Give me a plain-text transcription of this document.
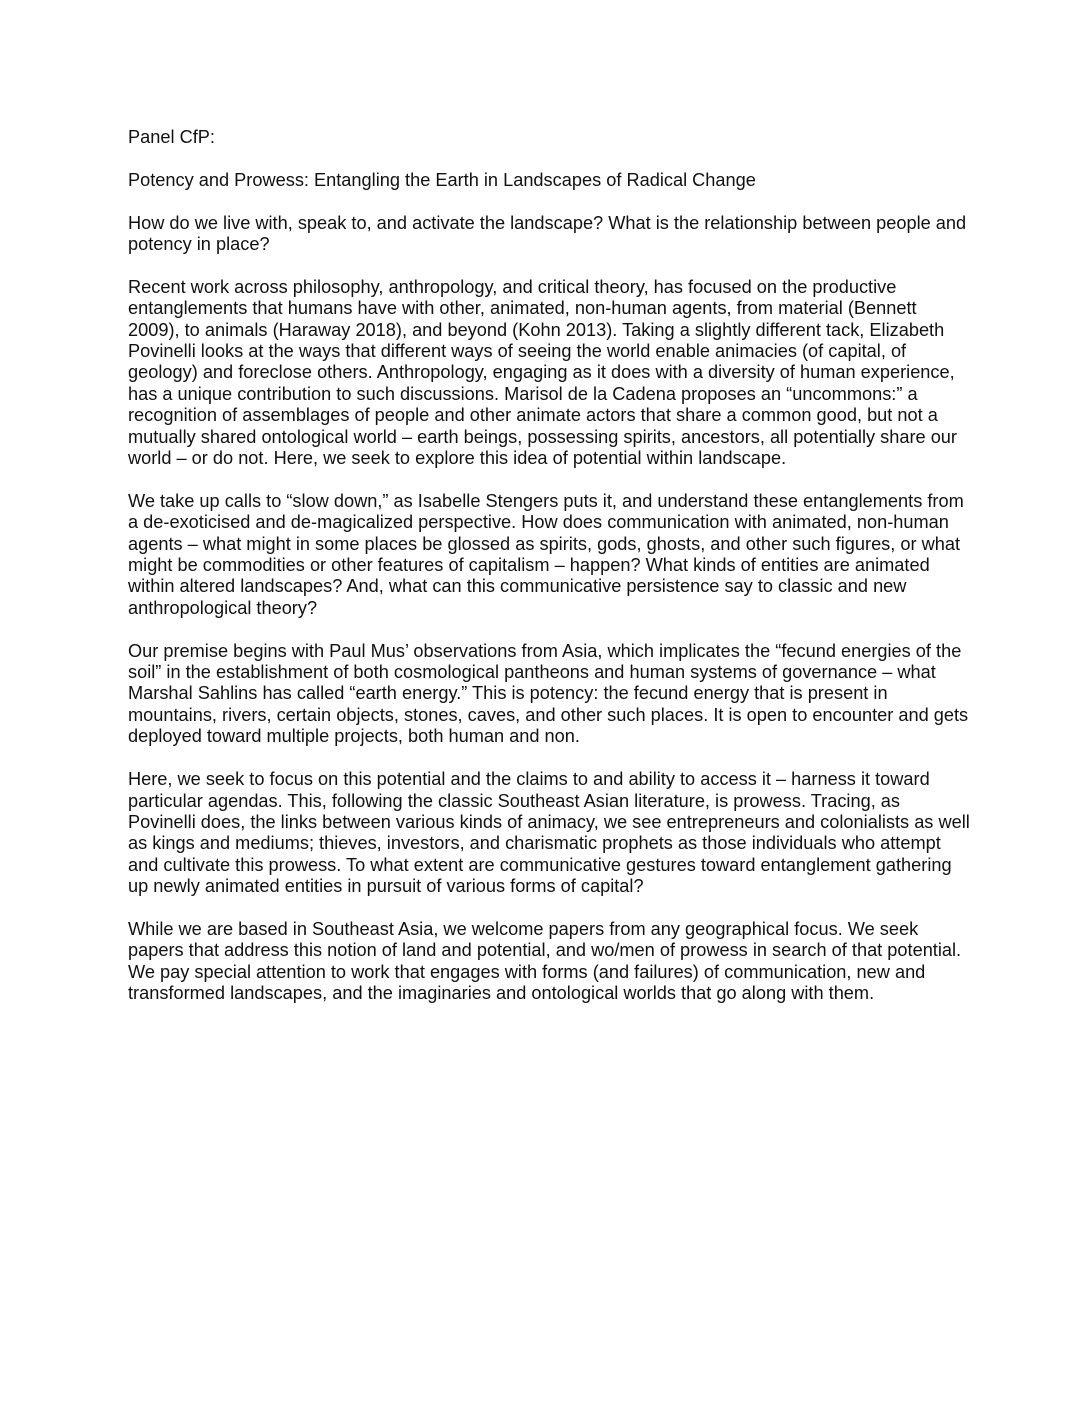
Panel CfP:

Potency and Prowess: Entangling the Earth in Landscapes of Radical Change

How do we live with, speak to, and activate the landscape? What is the relationship between people and potency in place?

Recent work across philosophy, anthropology, and critical theory, has focused on the productive entanglements that humans have with other, animated, non-human agents, from material (Bennett 2009), to animals (Haraway 2018), and beyond (Kohn 2013). Taking a slightly different tack, Elizabeth Povinelli looks at the ways that different ways of seeing the world enable animacies (of capital, of geology) and foreclose others. Anthropology, engaging as it does with a diversity of human experience, has a unique contribution to such discussions. Marisol de la Cadena proposes an “uncommons:” a recognition of assemblages of people and other animate actors that share a common good, but not a mutually shared ontological world – earth beings, possessing spirits, ancestors, all potentially share our world – or do not. Here, we seek to explore this idea of potential within landscape.

We take up calls to “slow down,” as Isabelle Stengers puts it, and understand these entanglements from a de-exoticised and de-magicalized perspective. How does communication with animated, non-human agents – what might in some places be glossed as spirits, gods, ghosts, and other such figures, or what might be commodities or other features of capitalism – happen? What kinds of entities are animated within altered landscapes? And, what can this communicative persistence say to classic and new anthropological theory?

Our premise begins with Paul Mus’ observations from Asia, which implicates the “fecund energies of the soil” in the establishment of both cosmological pantheons and human systems of governance – what Marshal Sahlins has called “earth energy.” This is potency: the fecund energy that is present in mountains, rivers, certain objects, stones, caves, and other such places. It is open to encounter and gets deployed toward multiple projects, both human and non.

Here, we seek to focus on this potential and the claims to and ability to access it – harness it toward particular agendas. This, following the classic Southeast Asian literature, is prowess. Tracing, as Povinelli does, the links between various kinds of animacy, we see entrepreneurs and colonialists as well as kings and mediums; thieves, investors, and charismatic prophets as those individuals who attempt and cultivate this prowess. To what extent are communicative gestures toward entanglement gathering up newly animated entities in pursuit of various forms of capital?

While we are based in Southeast Asia, we welcome papers from any geographical focus. We seek papers that address this notion of land and potential, and wo/men of prowess in search of that potential. We pay special attention to work that engages with forms (and failures) of communication, new and transformed landscapes, and the imaginaries and ontological worlds that go along with them.
